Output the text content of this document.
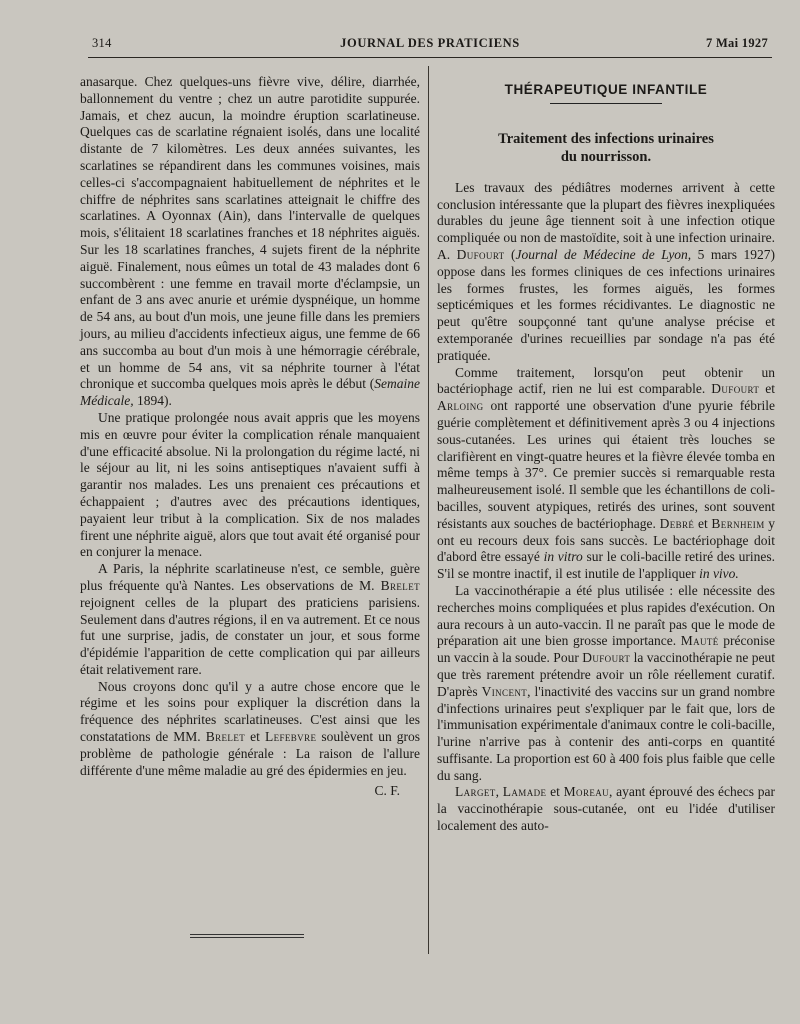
314	JOURNAL DES PRATICIENS	7 Mai 1927

anasarque. Chez quelques-uns fièvre vive, délire, diarrhée, ballonnement du ventre ; chez un autre parotidite suppurée. Jamais, et chez aucun, la moindre éruption scarlatineuse. Quelques cas de scarlatine régnaient isolés, dans une localité distante de 7 kilomètres. Les deux années suivantes, les scarlatines se répandirent dans les communes voisines, mais celles-ci s'accompagnaient habituellement de néphrites et le chiffre de néphrites sans scarlatines atteignait le chiffre des scarlatines. A Oyonnax (Ain), dans l'intervalle de quelques mois, s'élitaient 18 scarlatines franches et 18 néphrites aiguës. Sur les 18 scarlatines franches, 4 sujets firent de la néphrite aiguë. Finalement, nous eûmes un total de 43 malades dont 6 succombèrent : une femme en travail morte d'éclampsie, un enfant de 3 ans avec anurie et urémie dyspnéique, un homme de 54 ans, au bout d'un mois, une jeune fille dans les premiers jours, au milieu d'accidents infectieux aigus, une femme de 66 ans succomba au bout d'un mois à une hémorragie cérébrale, et un homme de 54 ans, vit sa néphrite tourner à l'état chronique et succomba quelques mois après le début (Semaine Médicale, 1894).

Une pratique prolongée nous avait appris que les moyens mis en œuvre pour éviter la complication rénale manquaient d'une efficacité absolue. Ni la prolongation du régime lacté, ni le séjour au lit, ni les soins antiseptiques n'avaient suffi à garantir nos malades. Les uns prenaient ces précautions et échappaient ; d'autres avec des précautions identiques, payaient leur tribut à la complication. Six de nos malades firent une néphrite aiguë, alors que tout avait été organisé pour en conjurer la menace.

A Paris, la néphrite scarlatineuse n'est, ce semble, guère plus fréquente qu'à Nantes. Les observations de M. Brelet rejoignent celles de la plupart des praticiens parisiens. Seulement dans d'autres régions, il en va autrement. Et ce nous fut une surprise, jadis, de constater un jour, et sous forme d'épidémie l'apparition de cette complication qui par ailleurs était relativement rare.

Nous croyons donc qu'il y a autre chose encore que le régime et les soins pour expliquer la discrétion dans la fréquence des néphrites scarlatineuses. C'est ainsi que les constatations de MM. Brelet et Lefebvre soulèvent un gros problème de pathologie générale : La raison de l'allure différente d'une même maladie au gré des épidermies en jeu.

C. F.

THÉRAPEUTIQUE INFANTILE

Traitement des infections urinaires
du nourrisson.

Les travaux des pédiâtres modernes arrivent à cette conclusion intéressante que la plupart des fièvres inexpliquées durables du jeune âge tiennent soit à une infection otique compliquée ou non de mastoïdite, soit à une infection urinaire. A. Dufourt (Journal de Médecine de Lyon, 5 mars 1927) oppose dans les formes cliniques de ces infections urinaires les formes frustes, les formes aiguës, les formes septicémiques et les formes récidivantes. Le diagnostic ne peut qu'être soupçonné tant qu'une analyse précise et extemporanée d'urines recueillies par sondage n'a pas été pratiquée.

Comme traitement, lorsqu'on peut obtenir un bactériophage actif, rien ne lui est comparable. Dufourt et Arloing ont rapporté une observation d'une pyurie fébrile guérie complètement et définitivement après 3 ou 4 injections sous-cutanées. Les urines qui étaient très louches se clarifièrent en vingt-quatre heures et la fièvre élevée tomba en même temps à 37°. Ce premier succès si remarquable resta malheureusement isolé. Il semble que les échantillons de coli-bacilles, souvent atypiques, retirés des urines, sont souvent résistants aux souches de bactériophage. Debré et Bernheim y ont eu recours deux fois sans succès. Le bactériophage doit d'abord être essayé in vitro sur le coli-bacille retiré des urines. S'il se montre inactif, il est inutile de l'appliquer in vivo.

La vaccinothérapie a été plus utilisée : elle nécessite des recherches moins compliquées et plus rapides d'exécution. On aura recours à un auto-vaccin. Il ne paraît pas que le mode de préparation ait une bien grosse importance. Mauté préconise un vaccin à la soude. Pour Dufourt la vaccinothérapie ne peut que très rarement prétendre avoir un rôle réellement curatif. D'après Vincent, l'inactivité des vaccins sur un grand nombre d'infections urinaires peut s'expliquer par le fait que, lors de l'immunisation expérimentale d'animaux contre le coli-bacille, l'urine n'arrive pas à contenir des anti-corps en quantité suffisante. La proportion est 60 à 400 fois plus faible que celle du sang.

Larget, Lamade et Moreau, ayant éprouvé des échecs par la vaccinothérapie sous-cutanée, ont eu l'idée d'utiliser localement des auto-
